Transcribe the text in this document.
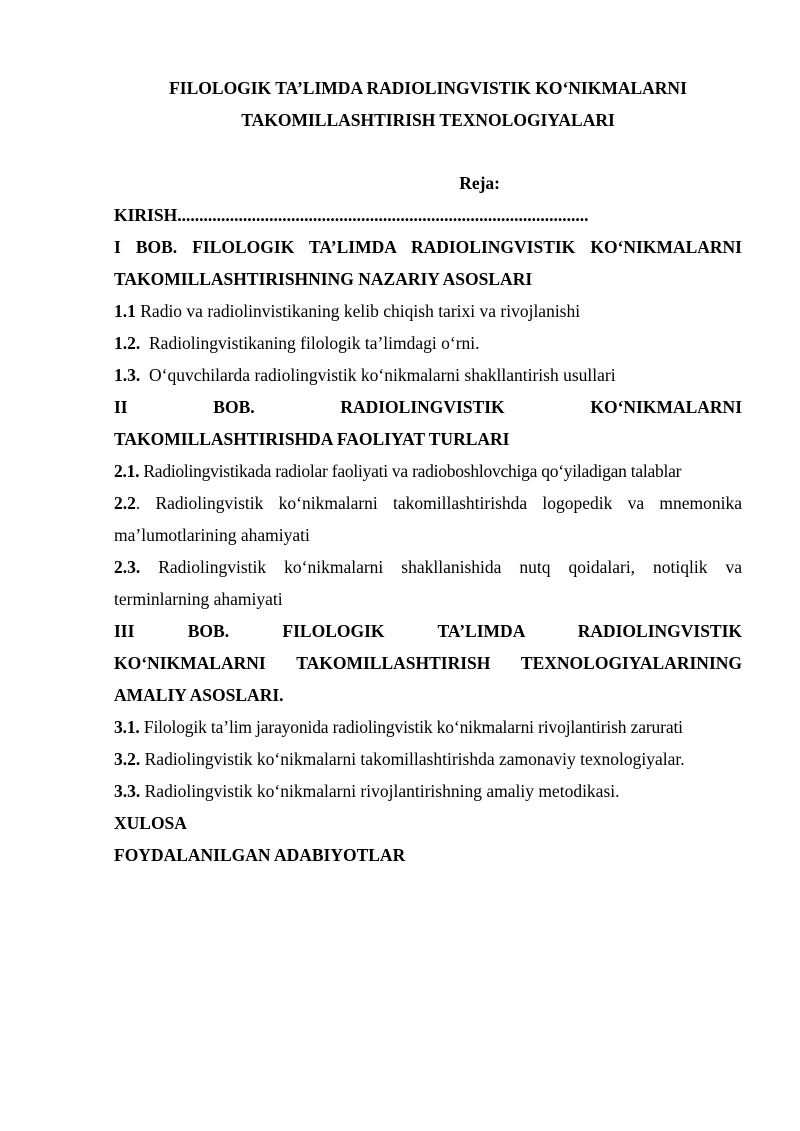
FILOLOGIK TA’LIMDA RADIOLINGVISTIK KO‘NIKMALARNI
TAKOMILLASHTIRISH TEXNOLOGIYALARI
Reja:
KIRISH..............................................................................................
I BOB. FILOLOGIK TA’LIMDA RADIOLINGVISTIK KO‘NIKMALARNI
TAKOMILLASHTIRISHNING NAZARIY ASOSLARI
1.1 Radio va radiolinvistikaning kelib chiqish tarixi va rivojlanishi
1.2.  Radiolingvistikaning filologik ta’limdagi o‘rni.
1.3.  O‘quvchilarda radiolingvistik ko‘nikmalarni shakllantirish usullari
II	BOB.	RADIOLINGVISTIK	KO‘NIKMALARNI
TAKOMILLASHTIRISHDA FAOLIYAT TURLARI
2.1. Radiolingvistikada radiolar faoliyati va radioboshlovchiga qo‘yiladigan talablar
2.2. Radiolingvistik ko‘nikmalarni takomillashtirishda logopedik va mnemonika ma’lumotlarining ahamiyati
2.3. Radiolingvistik ko‘nikmalarni shakllanishida nutq qoidalari, notiqlik va terminlarning ahamiyati
III	BOB.	FILOLOGIK	TA’LIMDA	RADIOLINGVISTIK
KO‘NIKMALARNI TAKOMILLASHTIRISH TEXNOLOGIYALARINING
AMALIY ASOSLARI.
3.1. Filologik ta’lim jarayonida radiolingvistik ko‘nikmalarni rivojlantirish zarurati
3.2. Radiolingvistik ko‘nikmalarni takomillashtirishda zamonaviy texnologiyalar.
3.3. Radiolingvistik ko‘nikmalarni rivojlantirishning amaliy metodikasi.
XULOSA
FOYDALANILGAN ADABIYOTLAR
